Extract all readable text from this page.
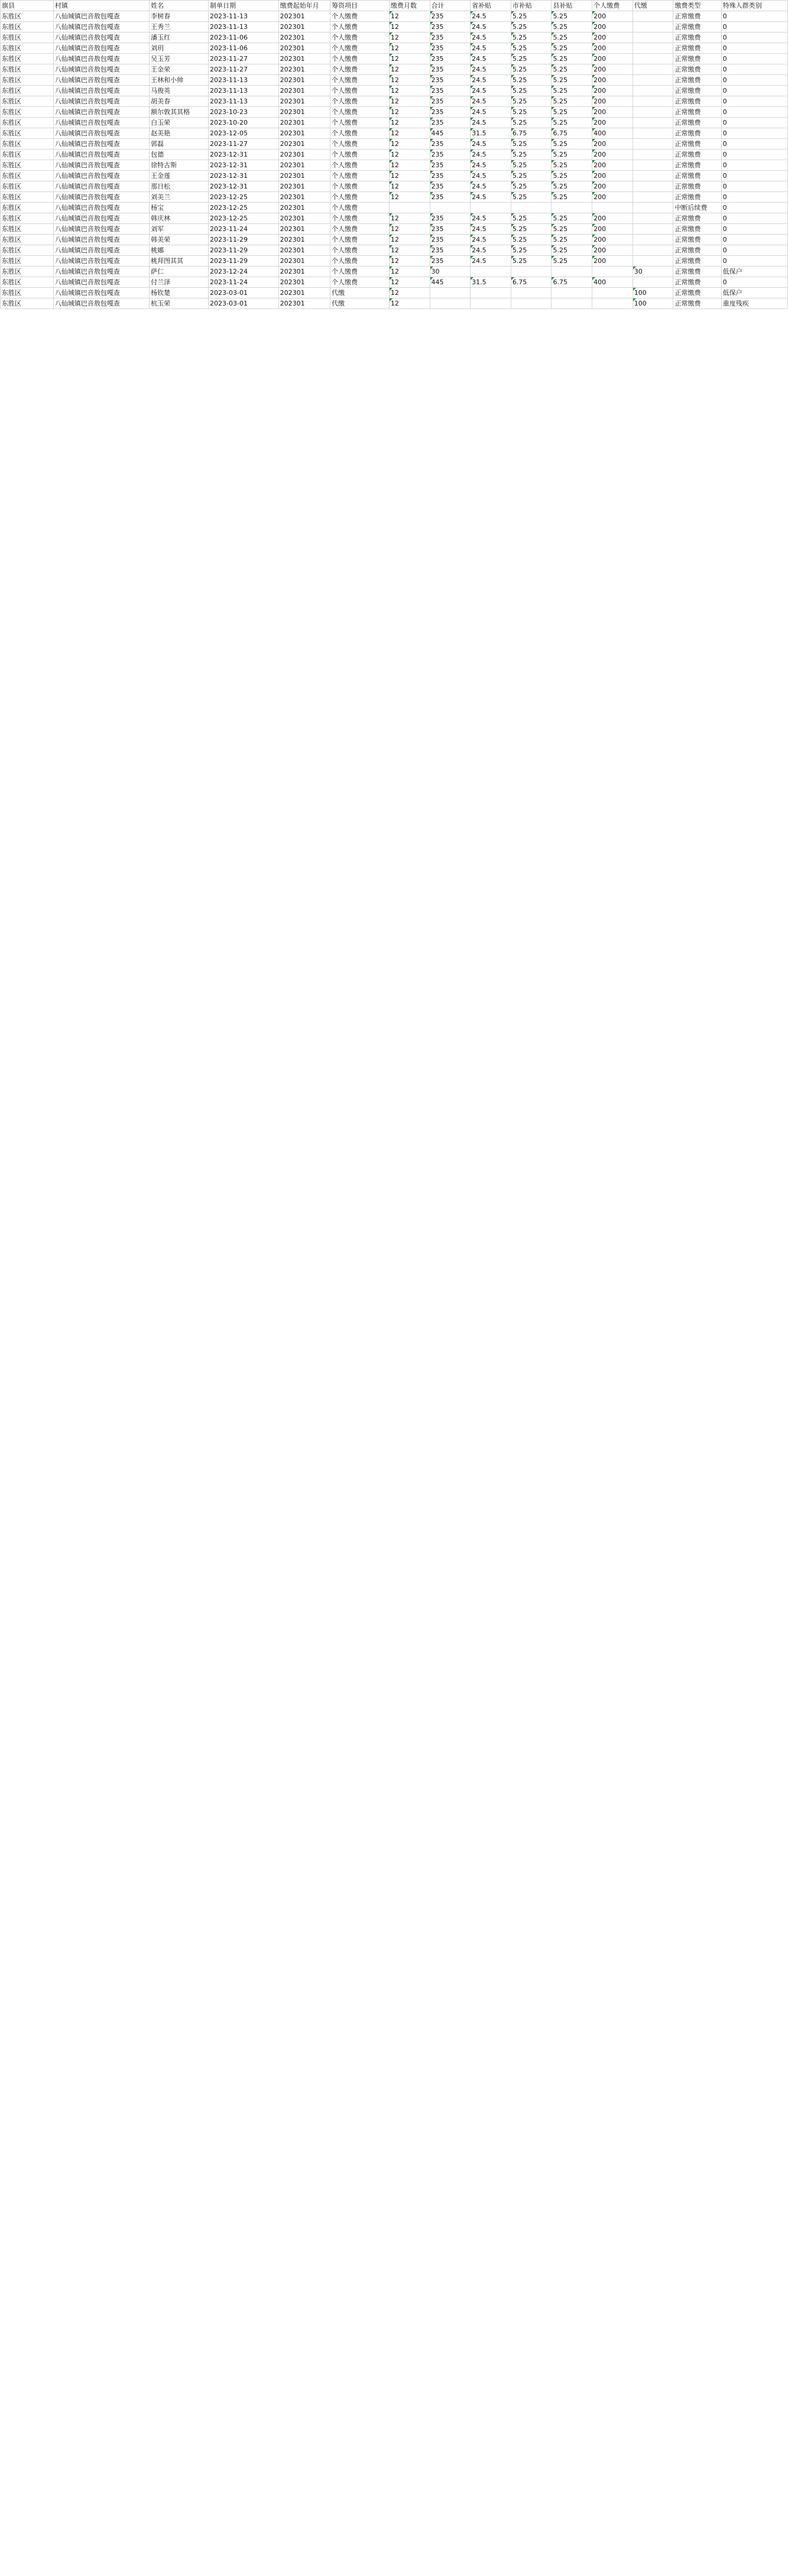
旗县	村镇	姓名	制单日期	缴费起始年月	筹资项目	缴费月数	合计	省补贴	市补贴	县补贴	个人缴费	代缴	缴费类型	特殊人群类别
东胜区	八仙城镇巴音敖包嘎查	李树春	2023-11-13	202301	个人缴费	12	235	24.5	5.25	5.25	200		正常缴费	0
东胜区	八仙城镇巴音敖包嘎查	王秀兰	2023-11-13	202301	个人缴费	12	235	24.5	5.25	5.25	200		正常缴费	0
东胜区	八仙城镇巴音敖包嘎查	潘玉红	2023-11-06	202301	个人缴费	12	235	24.5	5.25	5.25	200		正常缴费	0
东胜区	八仙城镇巴音敖包嘎查	刘玥	2023-11-06	202301	个人缴费	12	235	24.5	5.25	5.25	200		正常缴费	0
东胜区	八仙城镇巴音敖包嘎查	吴玉芳	2023-11-27	202301	个人缴费	12	235	24.5	5.25	5.25	200		正常缴费	0
东胜区	八仙城镇巴音敖包嘎查	王金荣	2023-11-27	202301	个人缴费	12	235	24.5	5.25	5.25	200		正常缴费	0
东胜区	八仙城镇巴音敖包嘎查	王林和小帅	2023-11-13	202301	个人缴费	12	235	24.5	5.25	5.25	200		正常缴费	0
东胜区	八仙城镇巴音敖包嘎查	马俊英	2023-11-13	202301	个人缴费	12	235	24.5	5.25	5.25	200		正常缴费	0
东胜区	八仙城镇巴音敖包嘎查	胡美春	2023-11-13	202301	个人缴费	12	235	24.5	5.25	5.25	200		正常缴费	0
东胜区	八仙城镇巴音敖包嘎查	额尔敦其其格	2023-10-23	202301	个人缴费	12	235	24.5	5.25	5.25	200		正常缴费	0
东胜区	八仙城镇巴音敖包嘎查	白玉荣	2023-10-20	202301	个人缴费	12	235	24.5	5.25	5.25	200		正常缴费	0
东胜区	八仙城镇巴音敖包嘎查	赵美艳	2023-12-05	202301	个人缴费	12	445	31.5	6.75	6.75	400		正常缴费	0
东胜区	八仙城镇巴音敖包嘎查	郭磊	2023-11-27	202301	个人缴费	12	235	24.5	5.25	5.25	200		正常缴费	0
东胜区	八仙城镇巴音敖包嘎查	包德	2023-12-31	202301	个人缴费	12	235	24.5	5.25	5.25	200		正常缴费	0
东胜区	八仙城镇巴音敖包嘎查	徐特古斯	2023-12-31	202301	个人缴费	12	235	24.5	5.25	5.25	200		正常缴费	0
东胜区	八仙城镇巴音敖包嘎查	王金莲	2023-12-31	202301	个人缴费	12	235	24.5	5.25	5.25	200		正常缴费	0
东胜区	八仙城镇巴音敖包嘎查	那日松	2023-12-31	202301	个人缴费	12	235	24.5	5.25	5.25	200		正常缴费	0
东胜区	八仙城镇巴音敖包嘎查	刘美兰	2023-12-25	202301	个人缴费	12	235	24.5	5.25	5.25	200		正常缴费	0
东胜区	八仙城镇巴音敖包嘎查	杨宝	2023-12-25	202301	个人缴费								中断后续费	0
东胜区	八仙城镇巴音敖包嘎查	韩庆林	2023-12-25	202301	个人缴费	12	235	24.5	5.25	5.25	200		正常缴费	0
东胜区	八仙城镇巴音敖包嘎查	刘军	2023-11-24	202301	个人缴费	12	235	24.5	5.25	5.25	200		正常缴费	0
东胜区	八仙城镇巴音敖包嘎查	韩美荣	2023-11-29	202301	个人缴费	12	235	24.5	5.25	5.25	200		正常缴费	0
东胜区	八仙城镇巴音敖包嘎查	桃娜	2023-11-29	202301	个人缴费	12	235	24.5	5.25	5.25	200		正常缴费	0
东胜区	八仙城镇巴音敖包嘎查	桃拜图其其	2023-11-29	202301	个人缴费	12	235	24.5	5.25	5.25	200		正常缴费	0
东胜区	八仙城镇巴音敖包嘎查	萨仁	2023-12-24	202301	个人缴费	12	30					30	正常缴费	低保户
东胜区	八仙城镇巴音敖包嘎查	付兰泽	2023-11-24	202301	个人缴费	12	445	31.5	6.75	6.75	400		正常缴费	0
东胜区	八仙城镇巴音敖包嘎查	杨钦楚	2023-03-01	202301	代缴	12						100	正常缴费	低保户
东胜区	八仙城镇巴音敖包嘎查	杭玉荣	2023-03-01	202301	代缴	12						100	正常缴费	重度残疾
